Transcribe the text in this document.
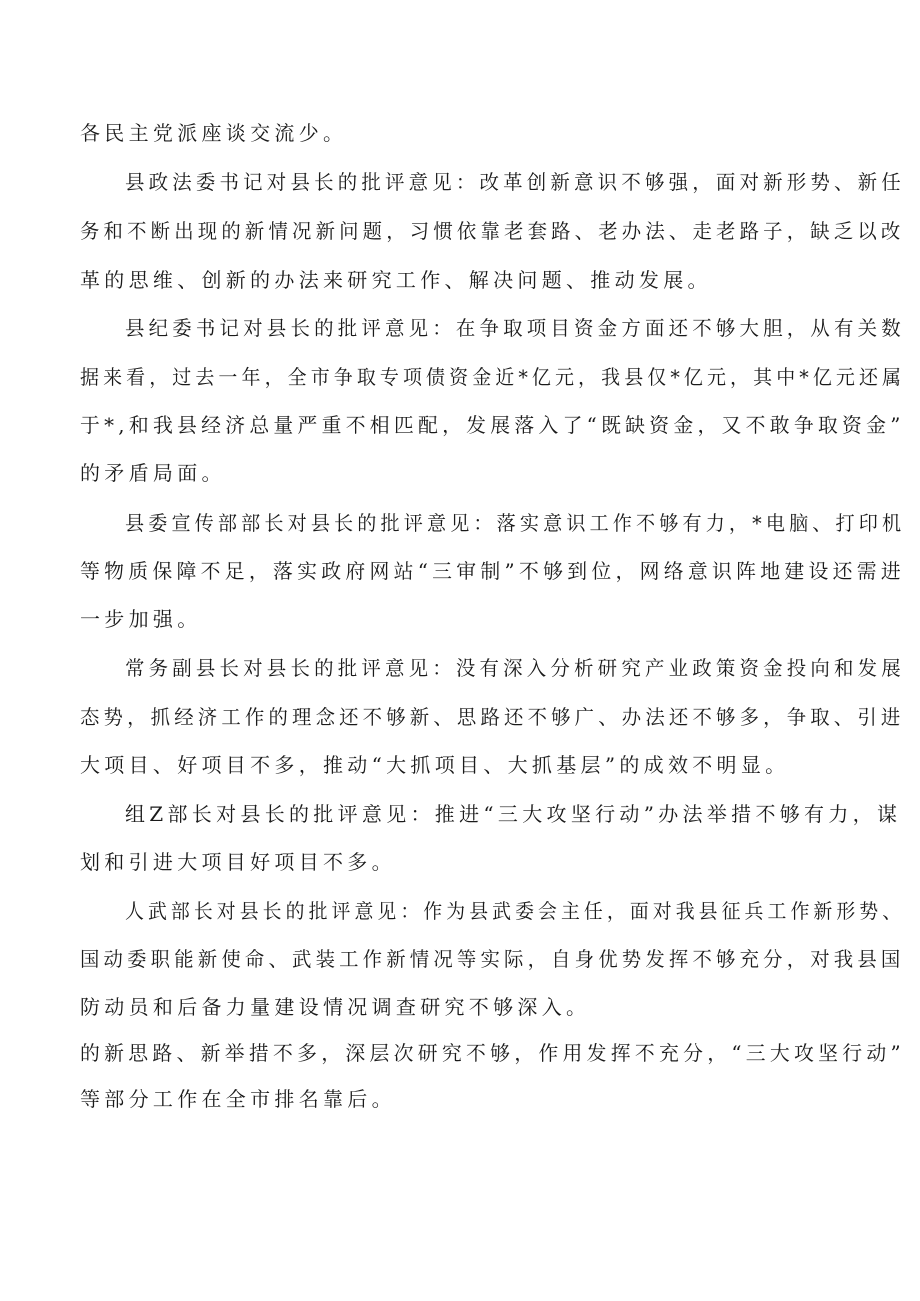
各民主党派座谈交流少。

县政法委书记对县长的批评意见：改革创新意识不够强，面对新形势、新任

务和不断出现的新情况新问题，习惯依靠老套路、老办法、走老路子，缺乏以改

革的思维、创新的办法来研究工作、解决问题、推动发展。

县纪委书记对县长的批评意见：在争取项目资金方面还不够大胆，从有关数

据来看，过去一年，全市争取专项债资金近*亿元，我县仅*亿元，其中*亿元还属

于*,和我县经济总量严重不相匹配，发展落入了“既缺资金，又不敢争取资金”

的矛盾局面。

县委宣传部部长对县长的批评意见：落实意识工作不够有力，*电脑、打印机

等物质保障不足，落实政府网站“三审制”不够到位，网络意识阵地建设还需进

一步加强。

常务副县长对县长的批评意见：没有深入分析研究产业政策资金投向和发展

态势，抓经济工作的理念还不够新、思路还不够广、办法还不够多，争取、引进

大项目、好项目不多，推动“大抓项目、大抓基层”的成效不明显。

组Z部长对县长的批评意见：推进“三大攻坚行动”办法举措不够有力，谋

划和引进大项目好项目不多。

人武部长对县长的批评意见：作为县武委会主任，面对我县征兵工作新形势、

国动委职能新使命、武装工作新情况等实际，自身优势发挥不够充分，对我县国

防动员和后备力量建设情况调查研究不够深入。

的新思路、新举措不多，深层次研究不够，作用发挥不充分，“三大攻坚行动”

等部分工作在全市排名靠后。
